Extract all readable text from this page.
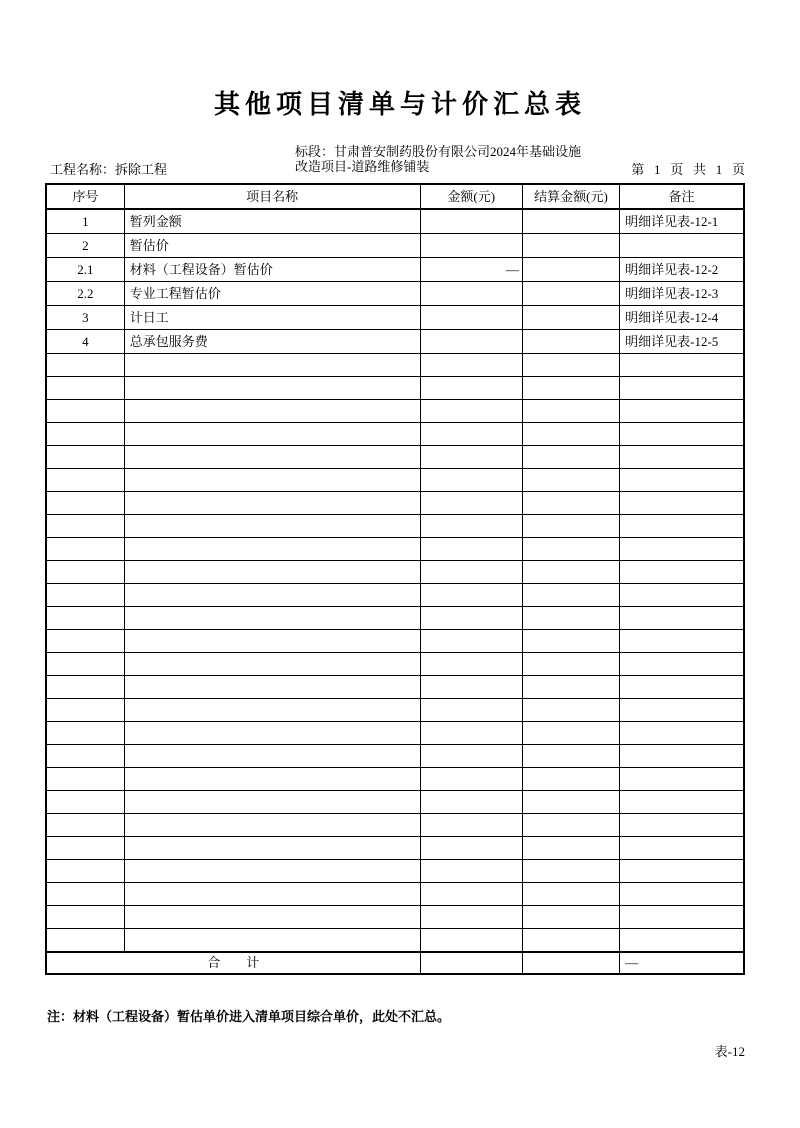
其他项目清单与计价汇总表
工程名称：拆除工程
标段：甘肃普安制药股份有限公司2024年基础设施
改造项目-道路维修铺装	第   1   页   共   1   页
序号	项目名称	金额(元)	结算金额(元)	备注
1	暂列金额			明细详见表-12-1
2	暂估价			
2.1	材料（工程设备）暂估价	—		明细详见表-12-2
2.2	专业工程暂估价			明细详见表-12-3
3	计日工			明细详见表-12-4
4	总承包服务费			明细详见表-12-5

合　　计				—
注：材料（工程设备）暂估单价进入清单项目综合单价，此处不汇总。
表-12
